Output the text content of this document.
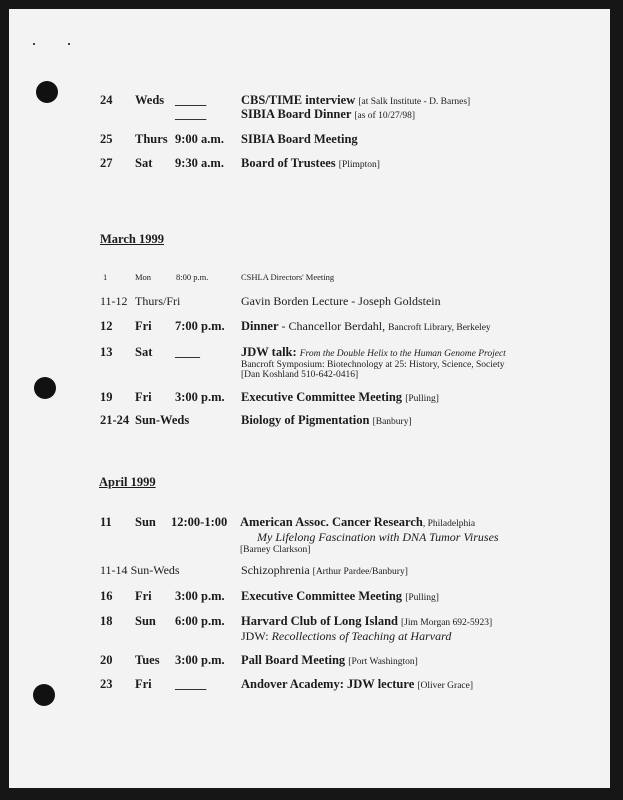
24 Weds _____	CBS/TIME interview [at Salk Institute - D. Barnes]
_____	SIBIA Board Dinner [as of 10/27/98]
25 Thurs 9:00 a.m. SIBIA Board Meeting
27 Sat 9:30 a.m. Board of Trustees [Plimpton]
March 1999
1	Mon	8:00 p.m.	CSHLA Directors' Meeting
11-12 Thurs/Fri	Gavin Borden Lecture - Joseph Goldstein
12 Fri 7:00 p.m. Dinner - Chancellor Berdahl, Bancroft Library, Berkeley
13 Sat ____	JDW talk: From the Double Helix to the Human Genome Project
Bancroft Symposium: Biotechnology at 25: History, Science, Society
[Dan Koshland 510-642-0416]
19 Fri 3:00 p.m. Executive Committee Meeting [Pulling]
21-24 Sun-Weds	Biology of Pigmentation [Banbury]
April 1999
11 Sun 12:00-1:00 American Assoc. Cancer Research, Philadelphia
My Lifelong Fascination with DNA Tumor Viruses
[Barney Clarkson]
11-14 Sun-Weds	Schizophrenia [Arthur Pardee/Banbury]
16 Fri 3:00 p.m. Executive Committee Meeting [Pulling]
18 Sun 6:00 p.m. Harvard Club of Long Island [Jim Morgan 692-5923]
JDW: Recollections of Teaching at Harvard
20 Tues 3:00 p.m. Pall Board Meeting [Port Washington]
23 Fri _____	Andover Academy: JDW lecture [Oliver Grace]
